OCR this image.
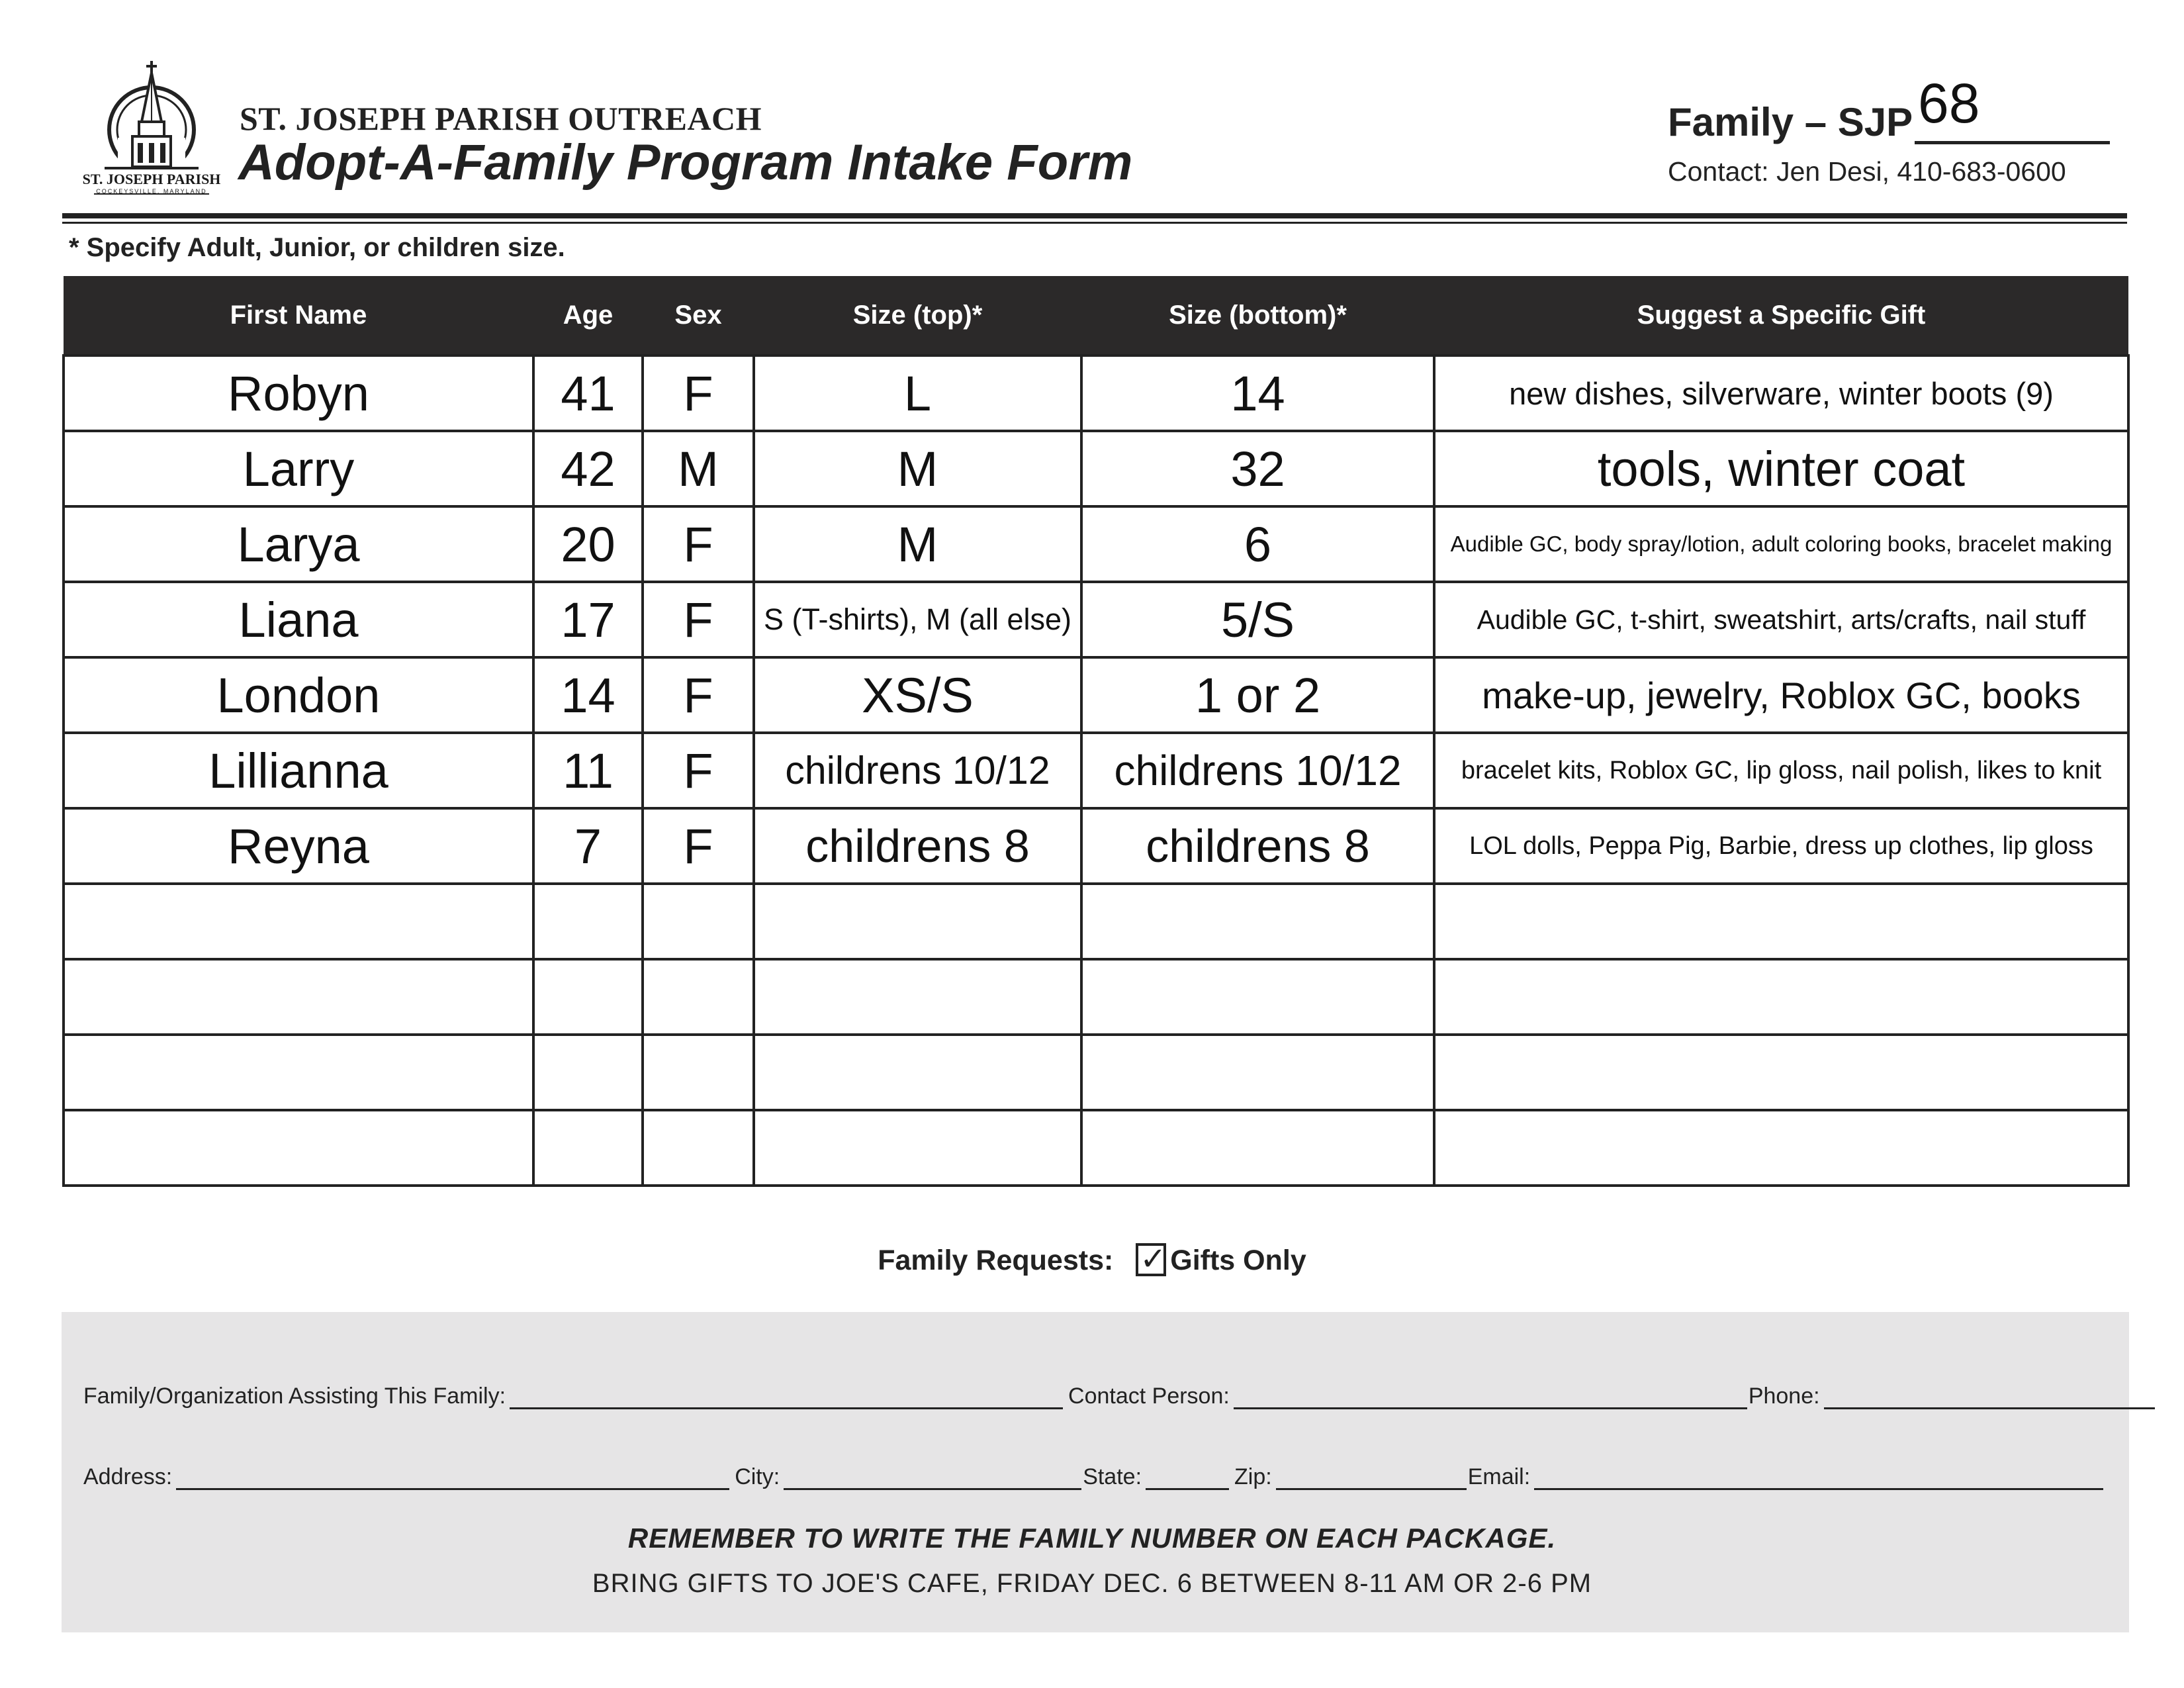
ST. JOSEPH PARISH
COCKEYSVILLE, MARYLAND
ST. JOSEPH PARISH OUTREACH
Adopt-A-Family Program Intake Form
Family – SJP 68
Contact: Jen Desi, 410-683-0600
* Specify Adult, Junior, or children size.
First Name	Age	Sex	Size (top)*	Size (bottom)*	Suggest a Specific Gift
Robyn	41	F	L	14	new dishes, silverware, winter boots (9)
Larry	42	M	M	32	tools, winter coat
Larya	20	F	M	6	Audible GC, body spray/lotion, adult coloring books, bracelet making
Liana	17	F	S (T-shirts), M (all else)	5/S	Audible GC, t-shirt, sweatshirt, arts/crafts, nail stuff
London	14	F	XS/S	1 or 2	make-up, jewelry, Roblox GC, books
Lillianna	11	F	childrens 10/12	childrens 10/12	bracelet kits, Roblox GC, lip gloss, nail polish, likes to knit
Reyna	7	F	childrens 8	childrens 8	LOL dolls, Peppa Pig, Barbie, dress up clothes, lip gloss

Family Requests: ✓ Gifts Only
Family/Organization Assisting This Family:	Contact Person:	Phone:
Address:	City:	State:	Zip:	Email:
REMEMBER TO WRITE THE FAMILY NUMBER ON EACH PACKAGE.
BRING GIFTS TO JOE'S CAFE, FRIDAY DEC. 6 BETWEEN 8-11 AM OR 2-6 PM
